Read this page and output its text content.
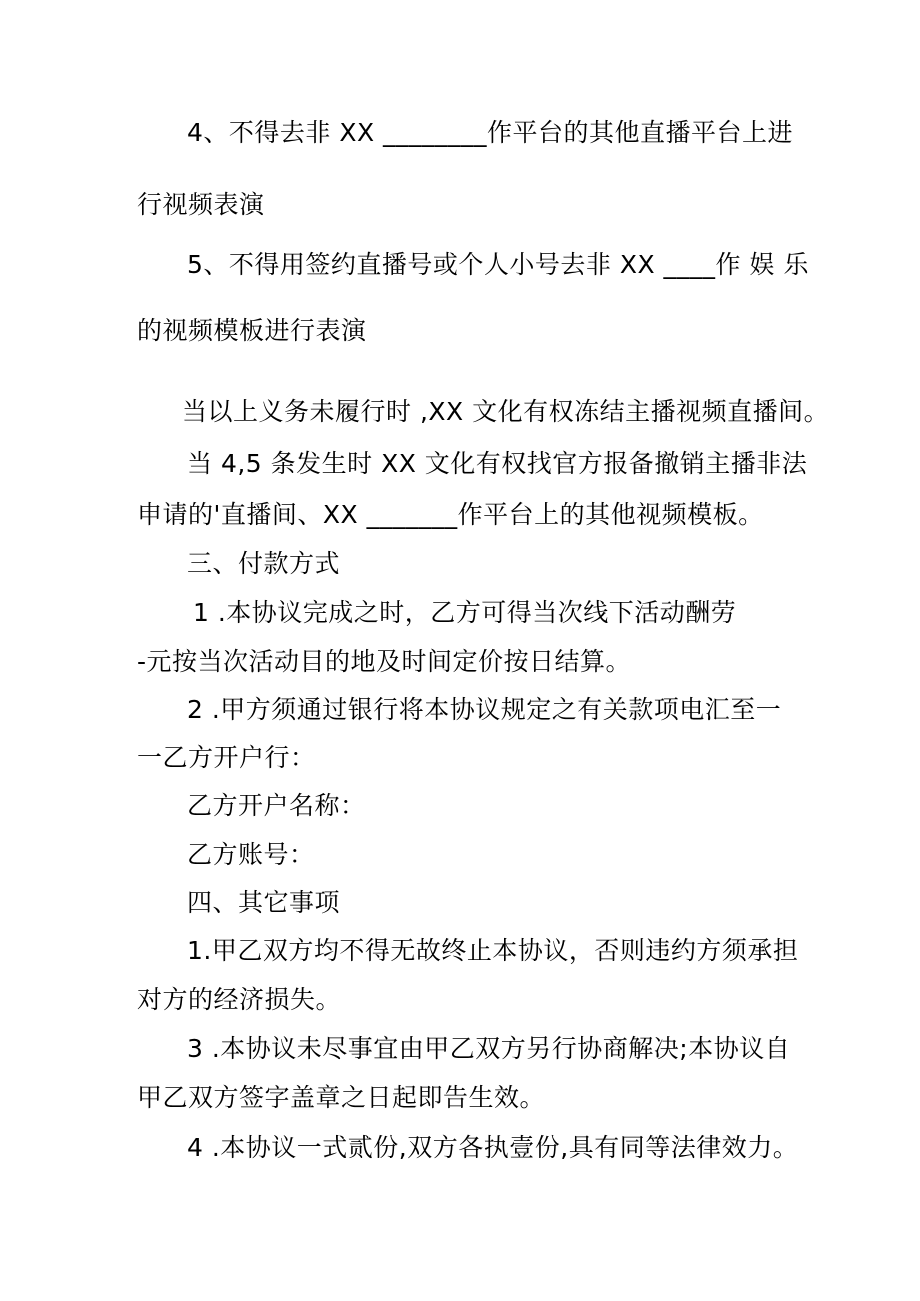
4、不得去非 XX ________作平台的其他直播平台上进
行视频表演
5、不得用签约直播号或个人小号去非 XX ____作 娱 乐
的视频模板进行表演
当以上义务未履行时 ,XX 文化有权冻结主播视频直播间。
当 4,5 条发生时 XX 文化有权找官方报备撤销主播非法
申请的'直播间、XX _______作平台上的其他视频模板。
三、付款方式
1 .本协议完成之时，乙方可得当次线下活动酬劳
-元按当次活动目的地及时间定价按日结算。
2 .甲方须通过银行将本协议规定之有关款项电汇至一
一乙方开户行：
乙方开户名称：
乙方账号：
四、其它事项
1.甲乙双方均不得无故终止本协议，否则违约方须承担
对方的经济损失。
3 .本协议未尽事宜由甲乙双方另行协商解决;本协议自
甲乙双方签字盖章之日起即告生效。
4 .本协议一式贰份,双方各执壹份,具有同等法律效力。
